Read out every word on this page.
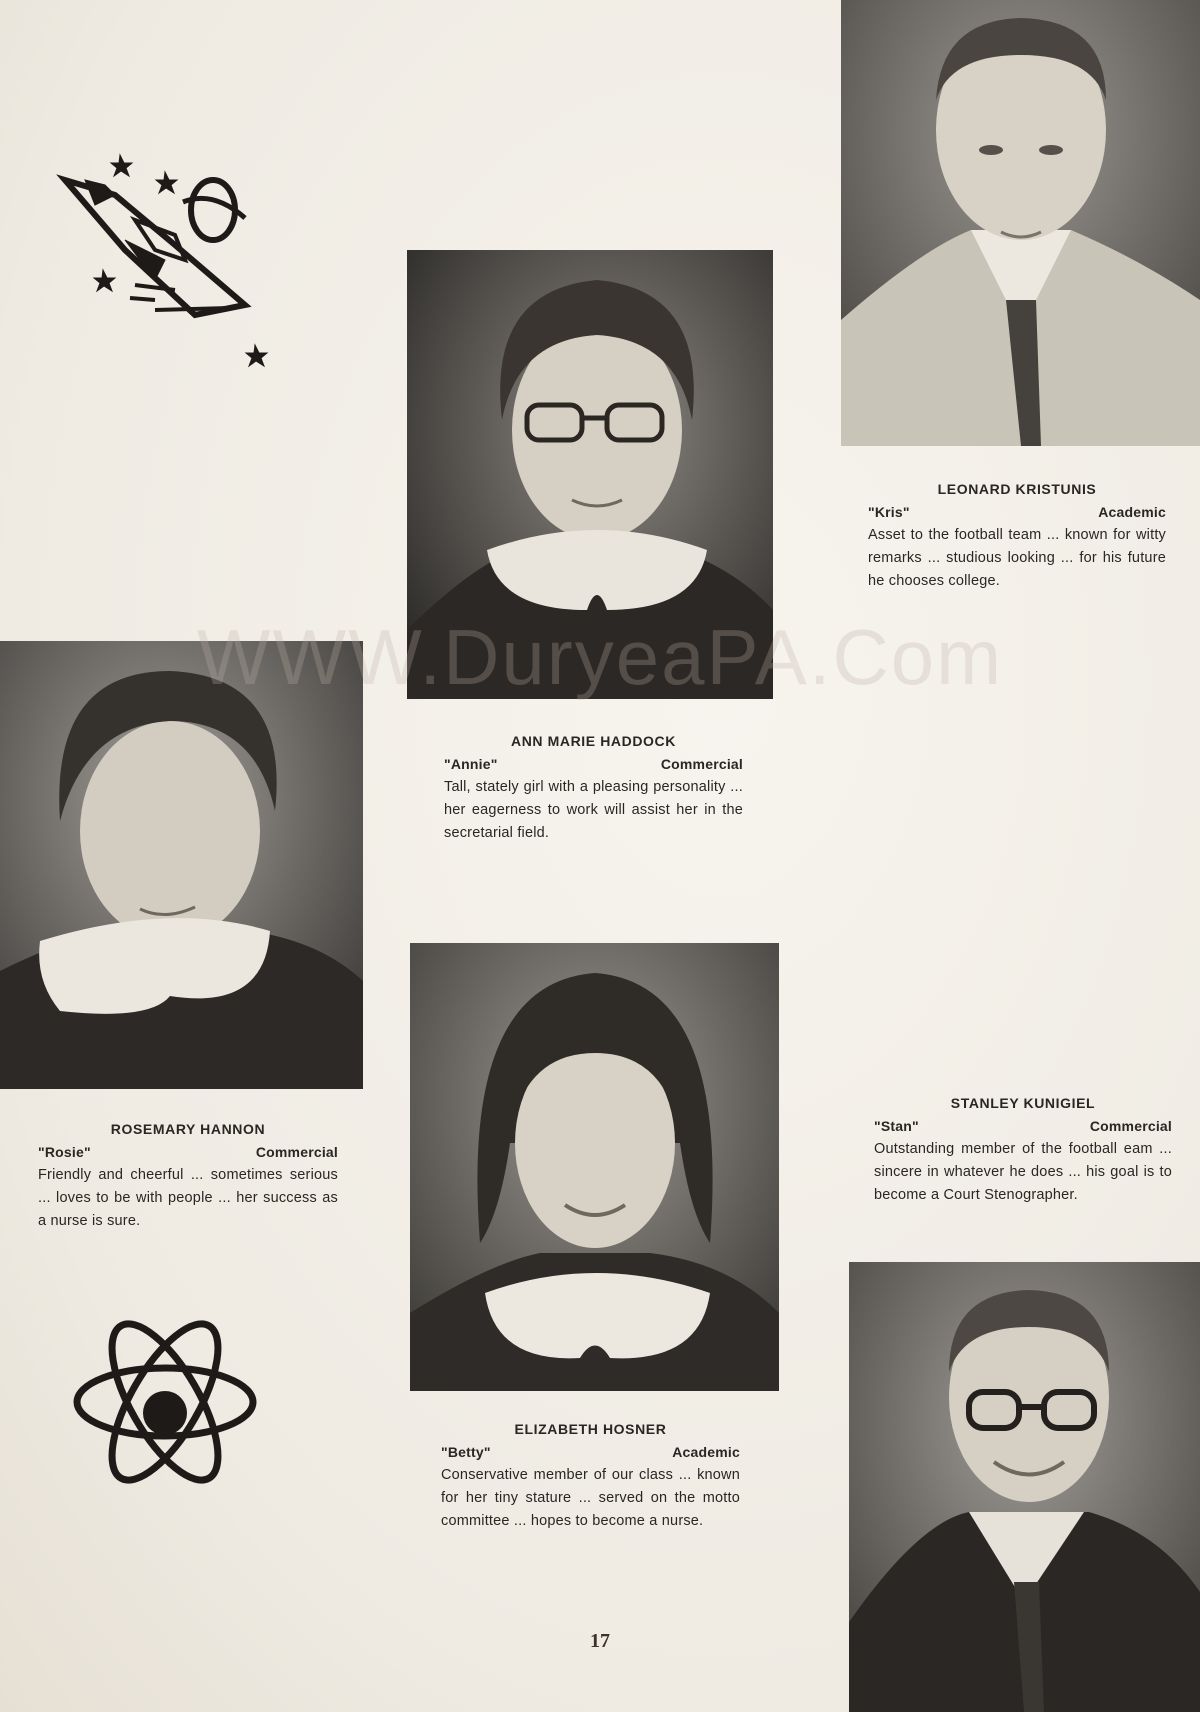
WWW.DuryeaPA.Com
LEONARD KRISTUNIS
"Kris"	Academic
Asset to the football team ... known for witty remarks ... studious looking ... for his future he chooses college.
ANN MARIE HADDOCK
"Annie"	Commercial
Tall, stately girl with a pleasing personality ... her eagerness to work will assist her in the secretarial field.
ROSEMARY HANNON
"Rosie"	Commercial
Friendly and cheerful ... sometimes serious ... loves to be with people ... her success as a nurse is sure.
STANLEY KUNIGIEL
"Stan"	Commercial
Outstanding member of the football eam ... sincere in whatever he does ... his goal is to become a Court Stenographer.
ELIZABETH HOSNER
"Betty"	Academic
Conservative member of our class ... known for her tiny stature ... served on the motto committee ... hopes to become a nurse.
17
